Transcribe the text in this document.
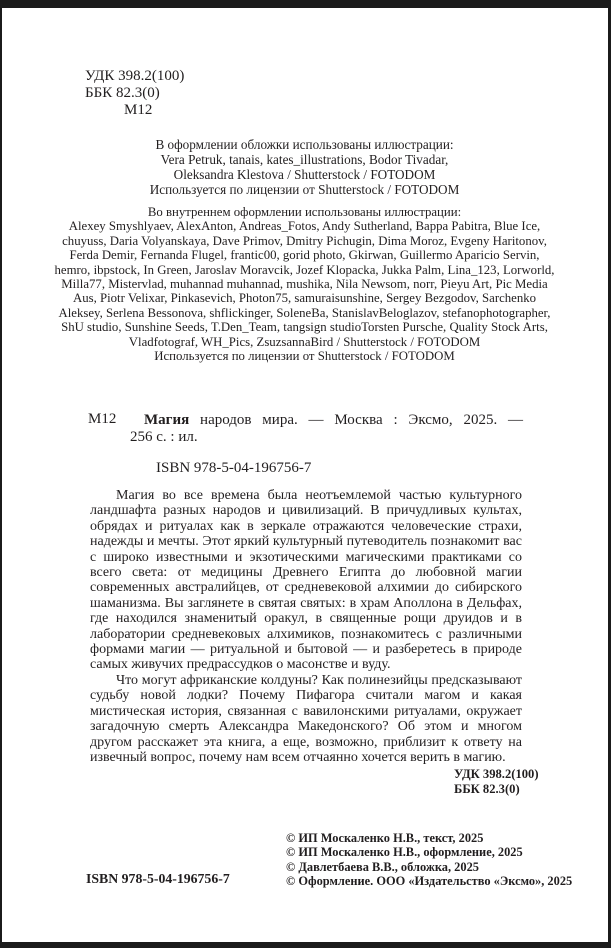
УДК 398.2(100)
ББК 82.3(0)
М12
В оформлении обложки использованы иллюстрации:
Vera Petruk, tanais, kates_illustrations, Bodor Tivadar,
Oleksandra Klestova / Shutterstock / FOTODOM
Используется по лицензии от Shutterstock / FOTODOM
Во внутреннем оформлении использованы иллюстрации:
Alexey Smyshlyaev, AlexAnton, Andreas_Fotos, Andy Sutherland, Bappa Pabitra, Blue Ice,
chuyuss, Daria Volyanskaya, Dave Primov, Dmitry Pichugin, Dima Moroz, Evgeny Haritonov,
Ferda Demir, Fernanda Flugel, frantic00, gorid photo, Gkirwan, Guillermo Aparicio Servin,
hemro, ibpstock, In Green, Jaroslav Moravcik, Jozef Klopacka, Jukka Palm, Lina_123, Lorworld,
Milla77, Mistervlad, muhannad muhannad, mushika, Nila Newsom, norr, Pieyu Art, Pic Media
Aus, Piotr Velixar, Pinkasevich, Photon75, samuraisunshine, Sergey Bezgodov, Sarchenko
Aleksey, Serlena Bessonova, shflickinger, SoleneBa, StanislavBeloglazov, stefanophotographer,
ShU studio, Sunshine Seeds, T.Den_Team, tangsign studioTorsten Pursche, Quality Stock Arts,
Vladfotograf, WH_Pics, ZsuzsannaBird / Shutterstock / FOTODOM
Используется по лицензии от Shutterstock / FOTODOM
М12	Магия народов мира. — Москва : Эксмо, 2025. —
256 с. : ил.
ISBN 978-5-04-196756-7

Магия во все времена была неотъемлемой частью культурного ландшафта разных народов и цивилизаций. В причудливых культах, обрядах и ритуалах как в зеркале отражаются человеческие страхи, надежды и мечты. Этот яркий культурный путеводитель познакомит вас с широко известными и экзотическими магическими практиками со всего света: от медицины Древнего Египта до любовной магии современных австралийцев, от средневековой алхимии до сибирского шаманизма. Вы заглянете в святая святых: в храм Аполлона в Дельфах, где находился знаменитый оракул, в священные рощи друидов и в лаборатории средневековых алхимиков, познакомитесь с различными формами магии — ритуальной и бытовой — и разберетесь в природе самых живучих предрассудков о масонстве и вуду.

Что могут африканские колдуны? Как полинезийцы предсказывают судьбу новой лодки? Почему Пифагора считали магом и какая мистическая история, связанная с вавилонскими ритуалами, окружает загадочную смерть Александра Македонского? Об этом и многом другом расскажет эта книга, а еще, возможно, приблизит к ответу на извечный вопрос, почему нам всем отчаянно хочется верить в магию.

УДК 398.2(100)
ББК 82.3(0)
© ИП Москаленко Н.В., текст, 2025
© ИП Москаленко Н.В., оформление, 2025
© Давлетбаева В.В., обложка, 2025
© Оформление. ООО «Издательство «Эксмо», 2025
ISBN 978-5-04-196756-7
